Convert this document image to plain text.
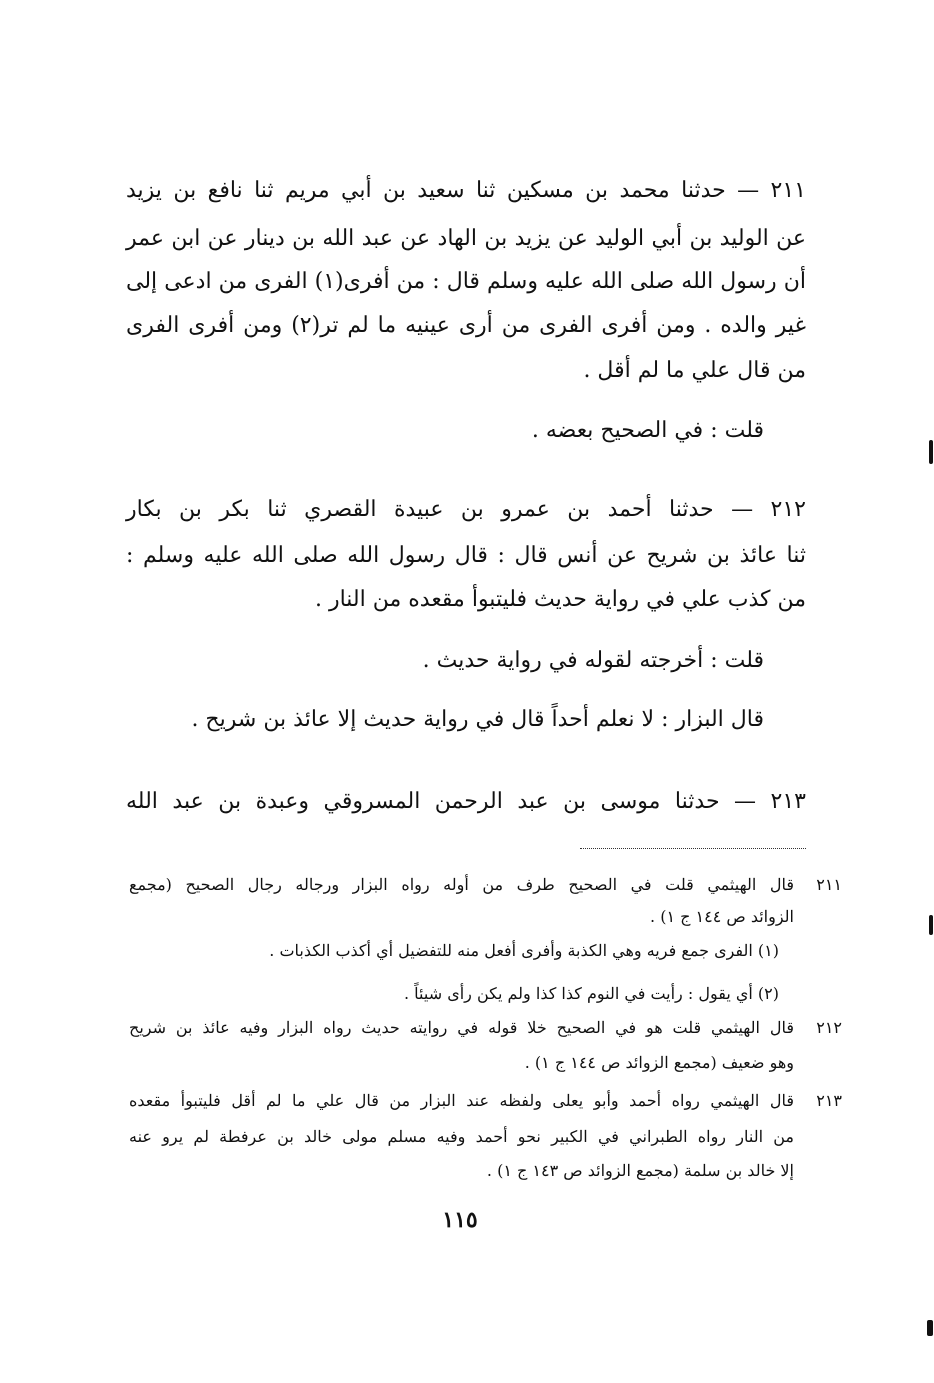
٢١١ — حدثنا محمد بن مسكين ثنا سعيد بن أبي مريم ثنا نافع بن يزيد
عن الوليد بن أبي الوليد عن يزيد بن الهاد عن عبد الله بن دينار عن ابن عمر
أن رسول الله صلى الله عليه وسلم قال : من أفرى(١) الفرى من ادعى إلى
غير والده . ومن أفرى الفرى من أرى عينيه ما لم تر(٢) ومن أفرى الفرى
من قال علي ما لم أقل .
قلت : في الصحيح بعضه .
٢١٢ — حدثنا أحمد بن عمرو بن عبيدة القصري ثنا بكر بن بكار
ثنا عائذ بن شريح عن أنس قال : قال رسول الله صلى الله عليه وسلم :
من كذب علي في رواية حديث فليتبوأ مقعده من النار .
قلت : أخرجته لقوله في رواية حديث .
قال البزار : لا نعلم أحداً قال في رواية حديث إلا عائذ بن شريح .
٢١٣ — حدثنا موسى بن عبد الرحمن المسروقي وعبدة بن عبد الله
٢١١
قال الهيثمي قلت في الصحيح طرف من أوله رواه البزار ورجاله رجال الصحيح (مجمع
الزوائد ص ١٤٤ ج ١) .
(١) الفرى جمع فريه وهي الكذبة وأفرى أفعل منه للتفضيل أي أكذب الكذبات .
(٢) أي يقول : رأيت في النوم كذا كذا ولم يكن رأى شيئاً .
٢١٢
قال الهيثمي قلت هو في الصحيح خلا قوله في روايته حديث رواه البزار وفيه عائذ بن شريح
وهو ضعيف (مجمع الزوائد ص ١٤٤ ج ١) .
٢١٣
قال الهيثمي رواه أحمد وأبو يعلى ولفظه عند البزار من قال علي ما لم أقل فليتبوأ مقعده
من النار رواه الطبراني في الكبير نحو أحمد وفيه مسلم مولى خالد بن عرفطة لم يرو عنه
إلا خالد بن سلمة (مجمع الزوائد ص ١٤٣ ج ١) .
١١٥
